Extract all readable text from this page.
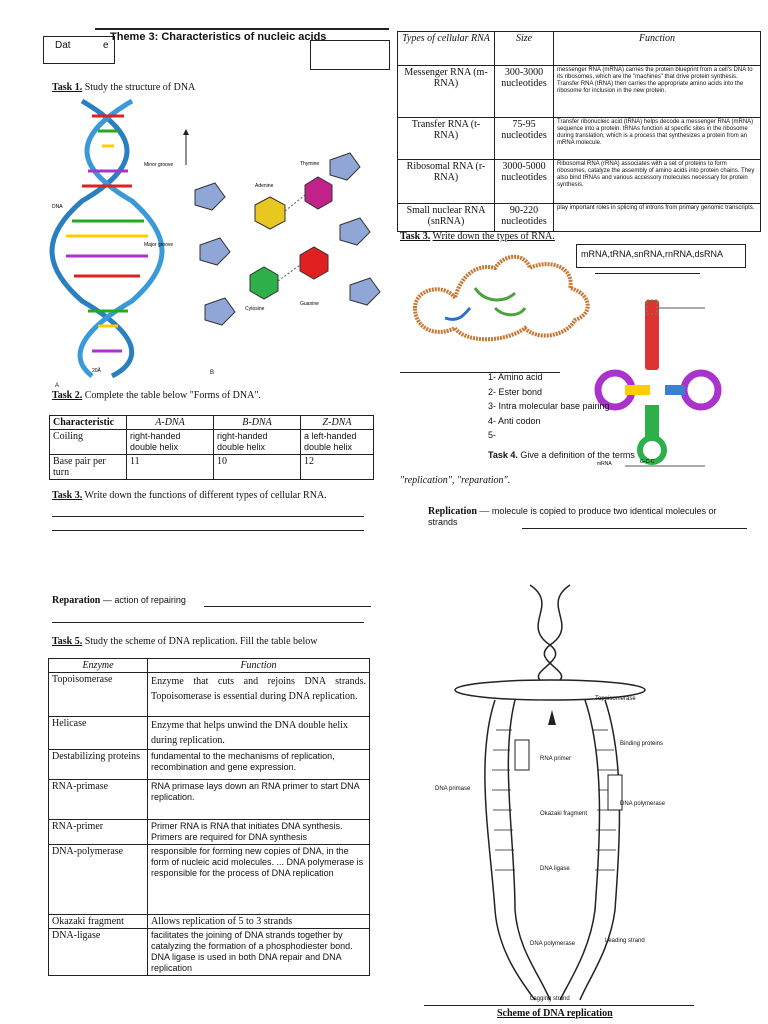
Dat	e
Theme 3: Characteristics of nucleic acids
Task 1. Study the structure of DNA
DNA
Minor groove
Major groove
20Å
A
B
Thymine
Adenine
Cytosine
Guanine
Types of cellular RNA	Size	Function
Messenger RNA (m-RNA)	300-3000 nucleotides	messenger RNA (mRNA) carries the protein blueprint from a cell's DNA to its ribosomes, which are the "machines" that drive protein synthesis. Transfer RNA (tRNA) then carries the appropriate amino acids into the ribosome for inclusion in the new protein.
Transfer RNA (t-RNA)	75-95 nucleotides	Transfer ribonucleic acid (tRNA) helps decode a messenger RNA (mRNA) sequence into a protein. tRNAs function at specific sites in the ribosome during translation, which is a process that synthesizes a protein from an mRNA molecule.
Ribosomal RNA (r-RNA)	3000-5000 nucleotides	Ribosomal RNA (rRNA) associates with a set of proteins to form ribosomes, catalyze the assembly of amino acids into protein chains. They also bind tRNAs and various accessory molecules necessary for protein synthesis.
Small nuclear RNA (snRNA)	90-220 nucleotides	play important roles in splicing of introns from primary genomic transcripts.
Task 3. Write down the types of RNA.
mRNA,tRNA,snRNA,rnRNA,dsRNA
mRNA	G-C-C
1- Amino acid
2- Ester bond
3- Intra molecular base pairing
4- Anti codon
5-
Task 4. Give a definition of the terms
"replication", "reparation".
Task 2. Complete the table below "Forms of DNA".
Characteristic	A-DNA	B-DNA	Z-DNA
Coiling	right-handed double helix	right-handed double helix	a left-handed double helix
Base pair per turn	11	10	12
Task 3. Write down the functions of different types of cellular RNA.
Replication — molecule is copied to produce two identical molecules or strands
Reparation — action of repairing
Task 5. Study the scheme of DNA replication. Fill the table below
Enzyme	Function
Topoisomerase	Enzyme that cuts and rejoins DNA strands. Topoisomerase is essential during DNA replication.
Helicase	Enzyme that helps unwind the DNA double helix during replication.
Destabilizing proteins	fundamental to the mechanisms of replication, recombination and gene expression.
RNA-primase	RNA primase lays down an RNA primer to start DNA replication.
RNA-primer	Primer RNA is RNA that initiates DNA synthesis. Primers are required for DNA synthesis
DNA-polymerase	responsible for forming new copies of DNA, in the form of nucleic acid molecules. ... DNA polymerase is responsible for the process of DNA replication
Okazaki fragment	Allows replication of 5 to 3 strands
DNA-ligase	facilitates the joining of DNA strands together by catalyzing the formation of a phosphodiester bond. DNA ligase is used in both DNA repair and DNA replication
Topoisomerase
Binding proteins
RNA primer
DNA primase
Okazaki fragment
DNA polymerase
DNA ligase
DNA polymerase	Leading strand
Lagging strand
Scheme of DNA replication
